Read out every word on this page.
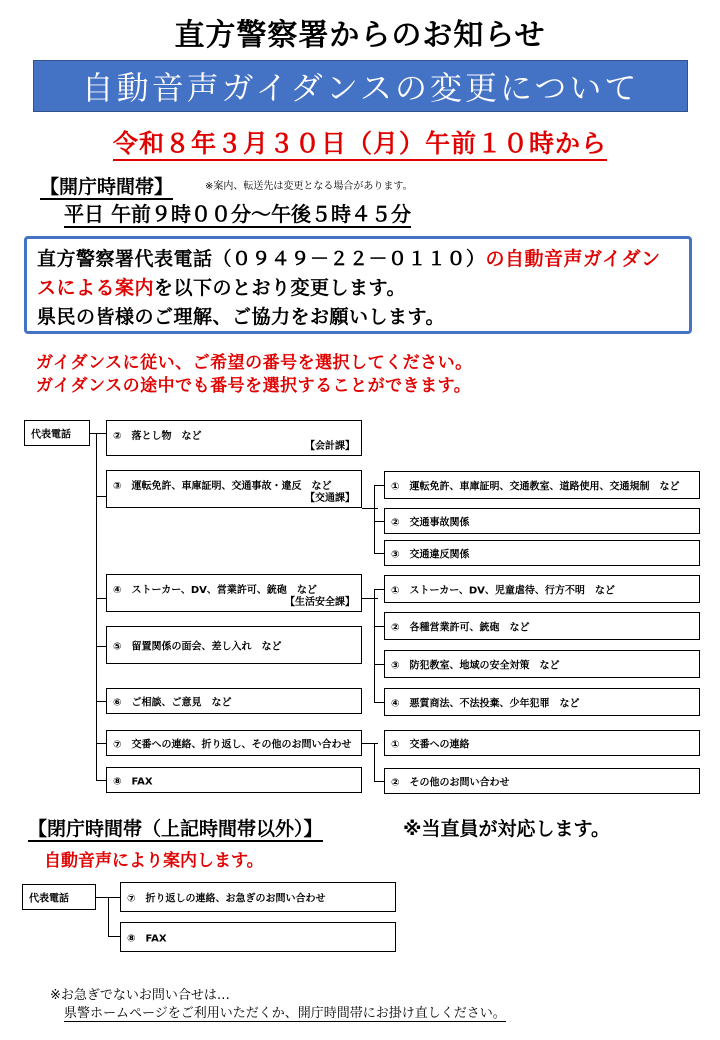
直方警察署からのお知らせ
自動音声ガイダンスの変更について
令和８年３月３０日（月）午前１０時から
【開庁時間帯】	※案内、転送先は変更となる場合があります。
平日 午前９時００分～午後５時４５分
直方警察署代表電話（０９４９－２２－０１１０）の自動音声ガイダンスによる案内を以下のとおり変更します。
県民の皆様のご理解、ご協力をお願いします。
ガイダンスに従い、ご希望の番号を選択してください。
ガイダンスの途中でも番号を選択することができます。
代表電話	②　落とし物　など
【会計課】
③　運転免許、車庫証明、交通事故・違反　など
【交通課】
④　ストーカー、DV、営業許可、銃砲　など
【生活安全課】
⑤　留置関係の面会、差し入れ　など
⑥　ご相談、ご意見　など
⑦　交番への連絡、折り返し、その他のお問い合わせ
⑧　FAX
①　運転免許、車庫証明、交通教室、道路使用、交通規制　など
②　交通事故関係
③　交通違反関係
①　ストーカー、DV、児童虐待、行方不明　など
②　各種営業許可、銃砲　など
③　防犯教室、地域の安全対策　など
④　悪質商法、不法投棄、少年犯罪　など
①　交番への連絡
②　その他のお問い合わせ
【閉庁時間帯（上記時間帯以外）】	※当直員が対応します。
自動音声により案内します。
代表電話	⑦　折り返しの連絡、お急ぎのお問い合わせ
⑧　FAX
※お急ぎでないお問い合せは…
県警ホームページをご利用いただくか、開庁時間帯にお掛け直しください。
